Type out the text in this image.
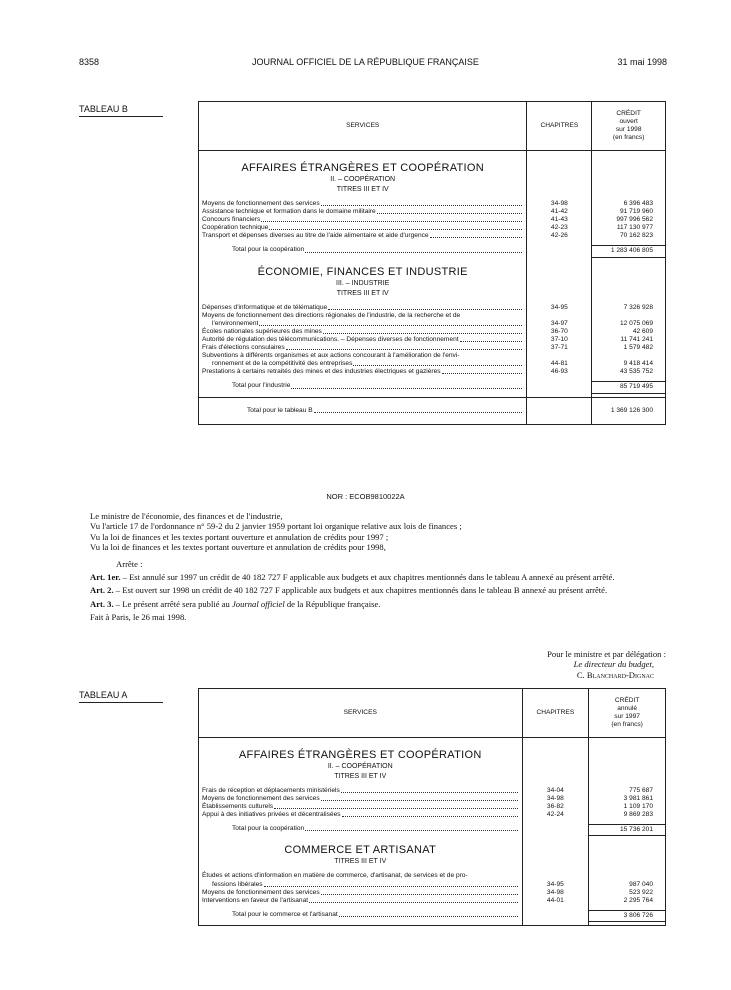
8358	JOURNAL OFFICIEL DE LA RÉPUBLIQUE FRANÇAISE	31 mai 1998
TABLEAU B
SERVICES	CHAPITRES	CRÉDIT
ouvert
sur 1998
(en francs)

AFFAIRES ÉTRANGÈRES ET COOPÉRATION
II. – COOPÉRATION
TITRES III ET IV		

Moyens de fonctionnement des services	34-98	6 396 483

Assistance technique et formation dans le domaine militaire	41-42	91 719 960

Concours financiers	41-43	997 996 562

Coopération technique	42-23	117 130 977

Transport et dépenses diverses au titre de l'aide alimentaire et aide d'urgence	42-26	70 162 823

Total pour la coopération		1 283 406 805

ÉCONOMIE, FINANCES ET INDUSTRIE
III. – INDUSTRIE
TITRES III ET IV		

Dépenses d'informatique et de télématique	34-95	7 326 928

Moyens de fonctionnement des directions régionales de l'industrie, de la recherche et de
l'environnement	34-97	12 075 069

Écoles nationales supérieures des mines	36-70	42 609

Autorité de régulation des télécommunications. – Dépenses diverses de fonctionnement	37-10	11 741 241

Frais d'élections consulaires	37-71	1 579 482

Subventions à différents organismes et aux actions concourant à l'amélioration de l'envi-
ronnement et de la compétitivité des entreprises	44-81	9 418 414

Prestations à certains retraités des mines et des industries électriques et gazières	46-93	43 535 752

Total pour l'industrie		85 719 495

Total pour le tableau B		1 369 126 300
NOR : ECOB9810022A
Le ministre de l'économie, des finances et de l'industrie,
Vu l'article 17 de l'ordonnance n° 59-2 du 2 janvier 1959 portant loi organique relative aux lois de finances ;
Vu la loi de finances et les textes portant ouverture et annulation de crédits pour 1997 ;
Vu la loi de finances et les textes portant ouverture et annulation de crédits pour 1998,
Arrête :
Art. 1er. – Est annulé sur 1997 un crédit de 40 182 727 F applicable aux budgets et aux chapitres mentionnés dans le tableau A annexé au présent arrêté.
Art. 2. – Est ouvert sur 1998 un crédit de 40 182 727 F applicable aux budgets et aux chapitres mentionnés dans le tableau B annexé au présent arrêté.
Art. 3. – Le présent arrêté sera publié au Journal officiel de la République française.
Fait à Paris, le 26 mai 1998.
Pour le ministre et par délégation :
Le directeur du budget,
C. Blanchard-Dignac
TABLEAU A
SERVICES	CHAPITRES	CRÉDIT
annulé
sur 1997
(en francs)

AFFAIRES ÉTRANGÈRES ET COOPÉRATION
II. – COOPÉRATION
TITRES III ET IV		

Frais de réception et déplacements ministériels	34-04	775 687

Moyens de fonctionnement des services	34-98	3 981 861

Établissements culturels	36-82	1 109 170

Appui à des initiatives privées et décentralisées	42-24	9 869 283

Total pour la coopération		15 736 201

COMMERCE ET ARTISANAT
TITRES III ET IV		

Études et actions d'information en matière de commerce, d'artisanat, de services et de pro-
fessions libérales	34-95	987 040

Moyens de fonctionnement des services	34-98	523 922

Interventions en faveur de l'artisanat	44-01	2 295 764

Total pour le commerce et l'artisanat		3 806 726
